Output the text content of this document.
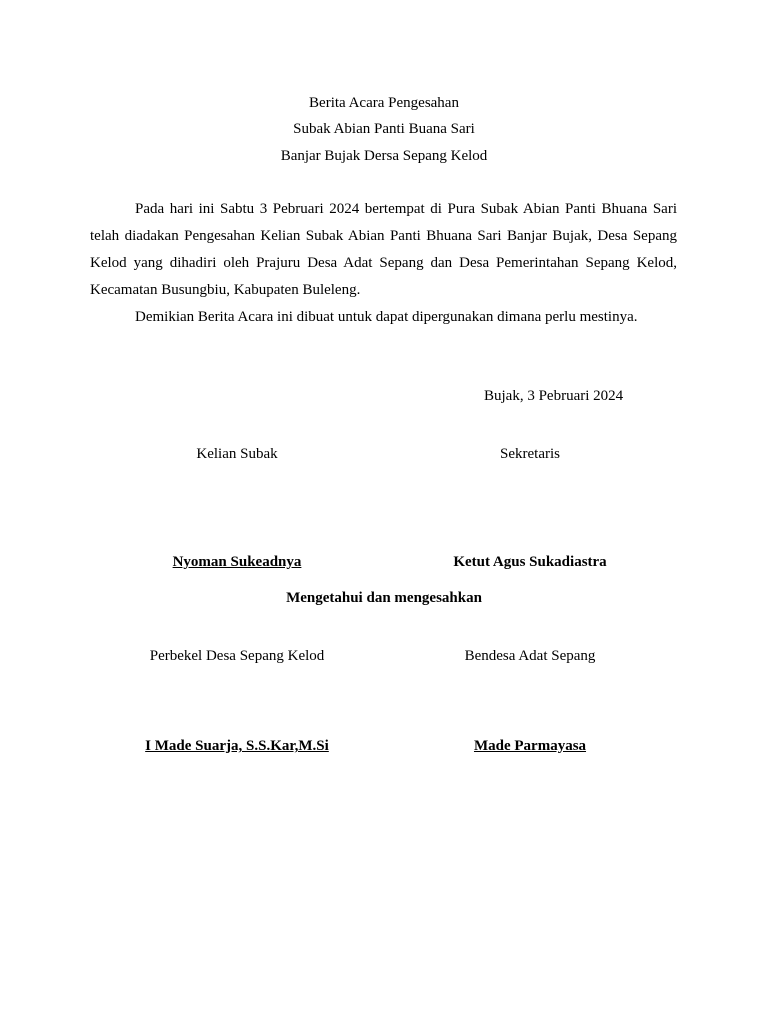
Berita Acara Pengesahan
Subak Abian Panti Buana Sari
Banjar Bujak Dersa Sepang Kelod
Pada hari ini Sabtu 3 Pebruari 2024 bertempat di Pura Subak Abian Panti Bhuana Sari telah diadakan Pengesahan Kelian Subak Abian Panti Bhuana Sari Banjar Bujak, Desa Sepang Kelod yang dihadiri oleh Prajuru Desa Adat Sepang dan Desa Pemerintahan Sepang Kelod, Kecamatan Busungbiu, Kabupaten Buleleng.
Demikian Berita Acara ini dibuat untuk dapat dipergunakan dimana perlu mestinya.
Bujak, 3 Pebruari 2024
Kelian Subak	Sekretaris
Nyoman Sukeadnya	Ketut Agus Sukadiastra
Mengetahui dan mengesahkan
Perbekel Desa Sepang Kelod	Bendesa Adat Sepang
I Made Suarja, S.S.Kar,M.Si	Made Parmayasa
